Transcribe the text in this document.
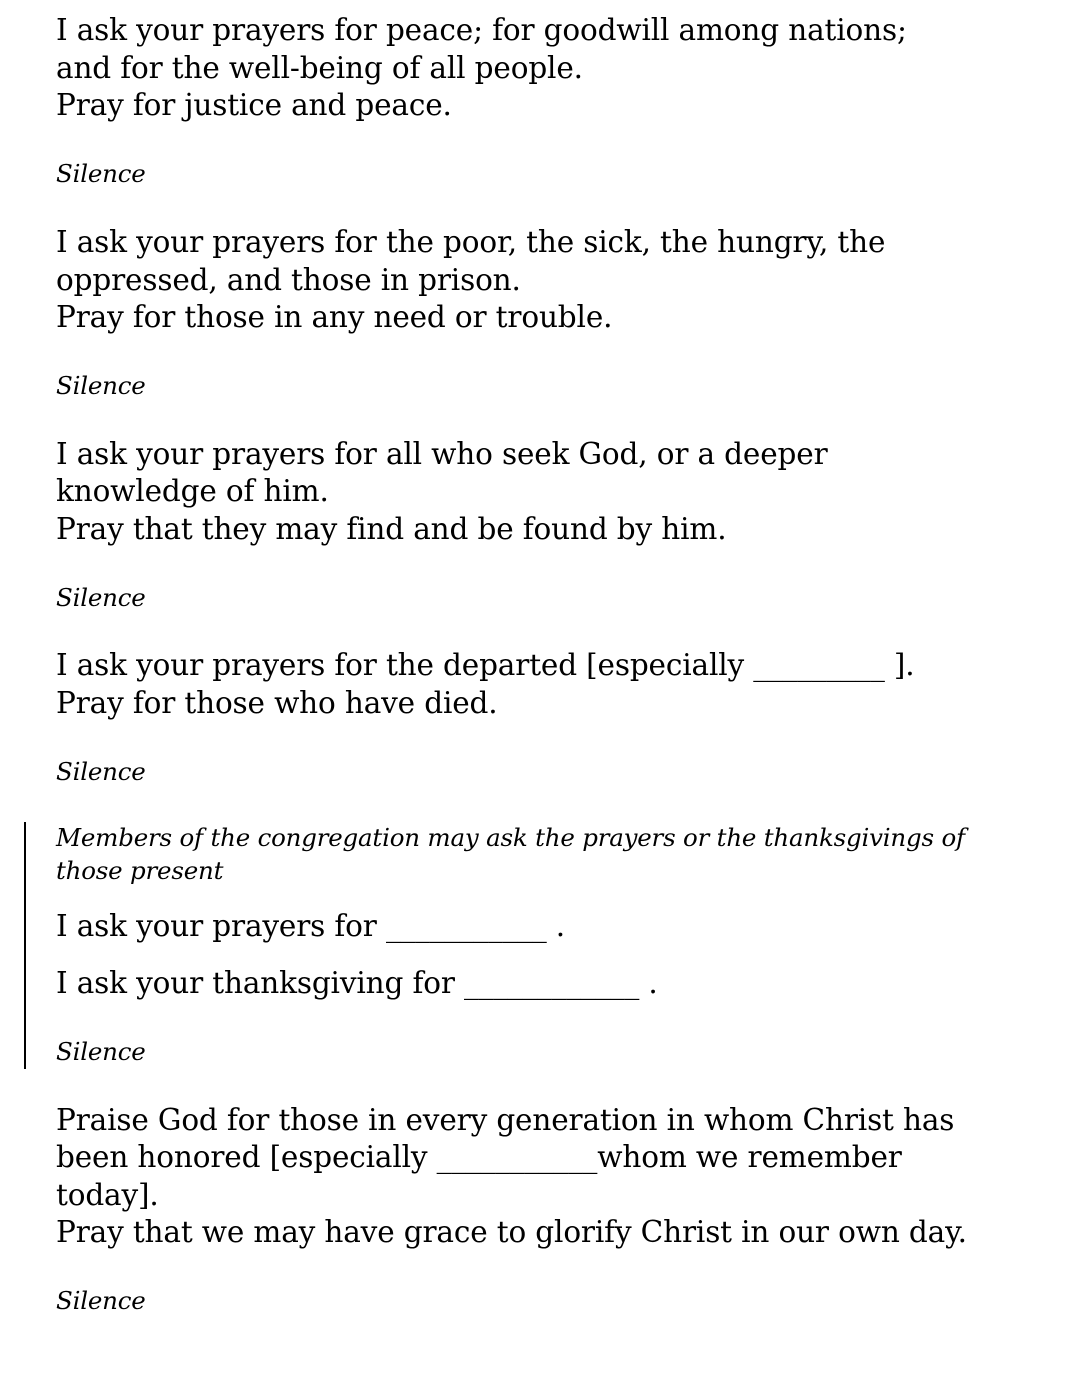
I ask your prayers for peace; for goodwill among nations;

and for the well-being of all people.

Pray for justice and peace.

Silence

I ask your prayers for the poor, the sick, the hungry, the

oppressed, and those in prison.

Pray for those in any need or trouble.

Silence

I ask your prayers for all who seek God, or a deeper

knowledge of him.

Pray that they may find and be found by him.

Silence

I ask your prayers for the departed [especially _________ ].

Pray for those who have died.

Silence

Members of the congregation may ask the prayers or the thanksgivings of

those present

I ask your prayers for ___________ .

I ask your thanksgiving for ____________ .

Silence

Praise God for those in every generation in whom Christ has

been honored [especially ___________whom we remember

today].

Pray that we may have grace to glorify Christ in our own day.

Silence
